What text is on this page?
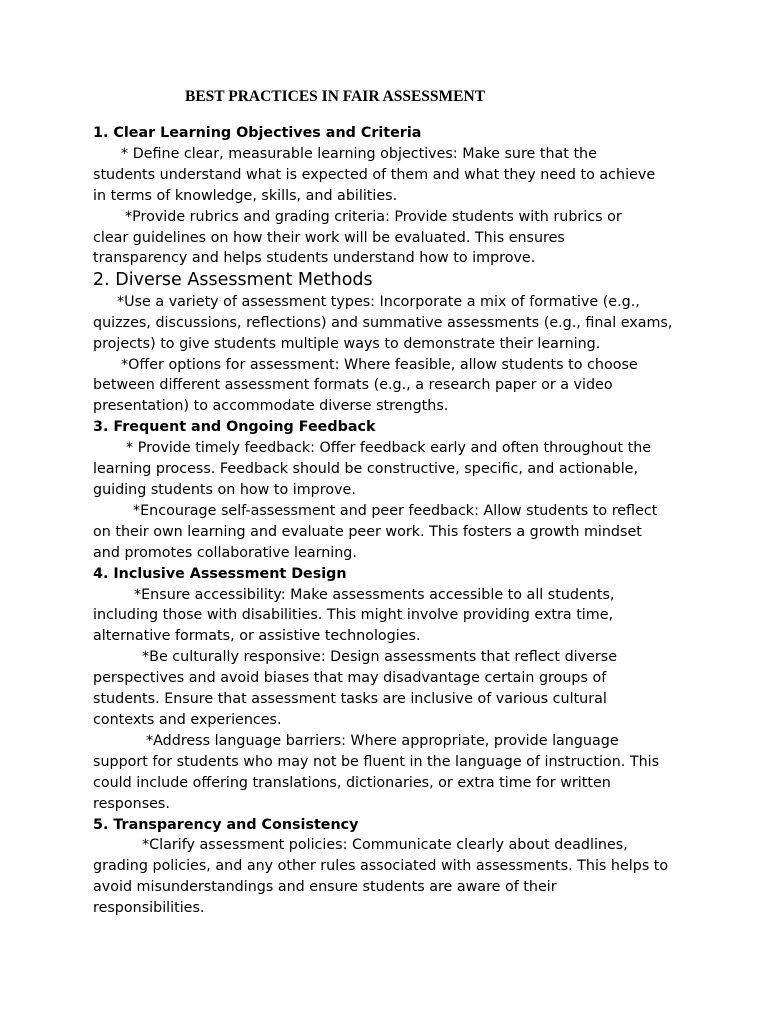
BEST PRACTICES IN FAIR ASSESSMENT
1. Clear Learning Objectives and Criteria
* Define clear, measurable learning objectives: Make sure that the
students understand what is expected of them and what they need to achieve
in terms of knowledge, skills, and abilities.
*Provide rubrics and grading criteria: Provide students with rubrics or
clear guidelines on how their work will be evaluated. This ensures
transparency and helps students understand how to improve.
2. Diverse Assessment Methods
*Use a variety of assessment types: Incorporate a mix of formative (e.g.,
quizzes, discussions, reflections) and summative assessments (e.g., final exams,
projects) to give students multiple ways to demonstrate their learning.
*Offer options for assessment: Where feasible, allow students to choose
between different assessment formats (e.g., a research paper or a video
presentation) to accommodate diverse strengths.
3. Frequent and Ongoing Feedback
* Provide timely feedback: Offer feedback early and often throughout the
learning process. Feedback should be constructive, specific, and actionable,
guiding students on how to improve.
*Encourage self-assessment and peer feedback: Allow students to reflect
on their own learning and evaluate peer work. This fosters a growth mindset
and promotes collaborative learning.
4. Inclusive Assessment Design
*Ensure accessibility: Make assessments accessible to all students,
including those with disabilities. This might involve providing extra time,
alternative formats, or assistive technologies.
*Be culturally responsive: Design assessments that reflect diverse
perspectives and avoid biases that may disadvantage certain groups of
students. Ensure that assessment tasks are inclusive of various cultural
contexts and experiences.
*Address language barriers: Where appropriate, provide language
support for students who may not be fluent in the language of instruction. This
could include offering translations, dictionaries, or extra time for written
responses.
5. Transparency and Consistency
*Clarify assessment policies: Communicate clearly about deadlines,
grading policies, and any other rules associated with assessments. This helps to
avoid misunderstandings and ensure students are aware of their
responsibilities.
